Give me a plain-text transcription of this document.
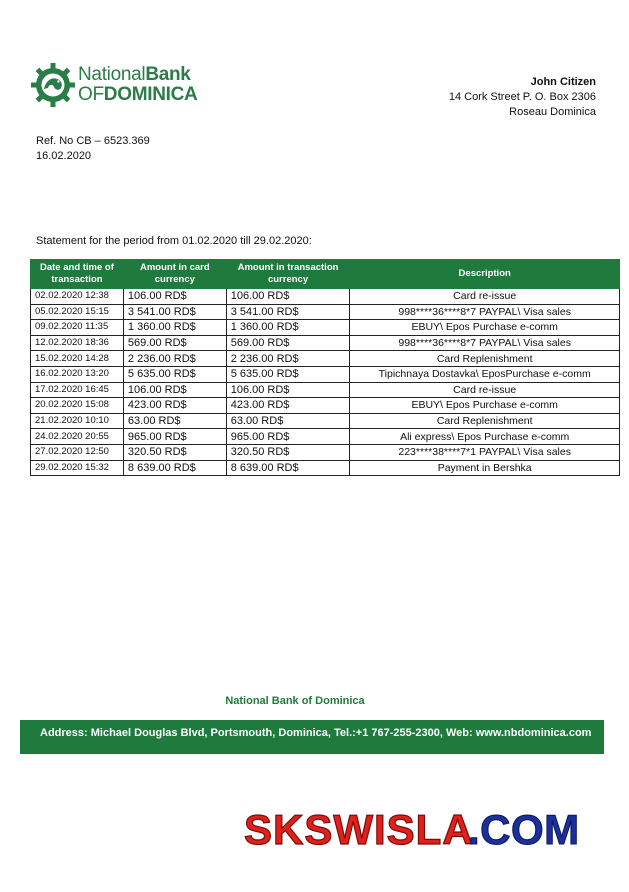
NationalBank
OFDOMINICA
John Citizen
14 Cork Street P. O. Box 2306
Roseau Dominica
Ref. No CB – 6523.369
16.02.2020
Statement for the period from 01.02.2020 till 29.02.2020:
Date and time of transaction	Amount in card currency	Amount in transaction currency	Description
02.02.2020 12:38	106.00 RD$	106.00 RD$	Card re-issue
05.02.2020 15:15	3 541.00 RD$	3 541.00 RD$	998****36****8*7 PAYPAL\ Visa sales
09.02.2020 11:35	1 360.00 RD$	1 360.00 RD$	EBUY\ Epos Purchase e-comm
12.02.2020 18:36	569.00 RD$	569.00 RD$	998****36****8*7 PAYPAL\ Visa sales
15.02.2020 14:28	2 236.00 RD$	2 236.00 RD$	Card Replenishment
16.02.2020 13:20	5 635.00 RD$	5 635.00 RD$	Tipichnaya Dostavka\ EposPurchase e-comm
17.02.2020 16:45	106.00 RD$	106.00 RD$	Card re-issue
20.02.2020 15:08	423.00 RD$	423.00 RD$	EBUY\ Epos Purchase e-comm
21.02.2020 10:10	63.00 RD$	63.00 RD$	Card Replenishment
24.02.2020 20:55	965.00 RD$	965.00 RD$	Ali express\ Epos Purchase e-comm
27.02.2020 12:50	320.50 RD$	320.50 RD$	223****38****7*1 PAYPAL\ Visa sales
29.02.2020 15:32	8 639.00 RD$	8 639.00 RD$	Payment in Bershka
National Bank of Dominica
Address: Michael Douglas Blvd, Portsmouth, Dominica, Tel.:+1 767-255-2300, Web: www.nbdominica.com
SKSWISLA
.COM
